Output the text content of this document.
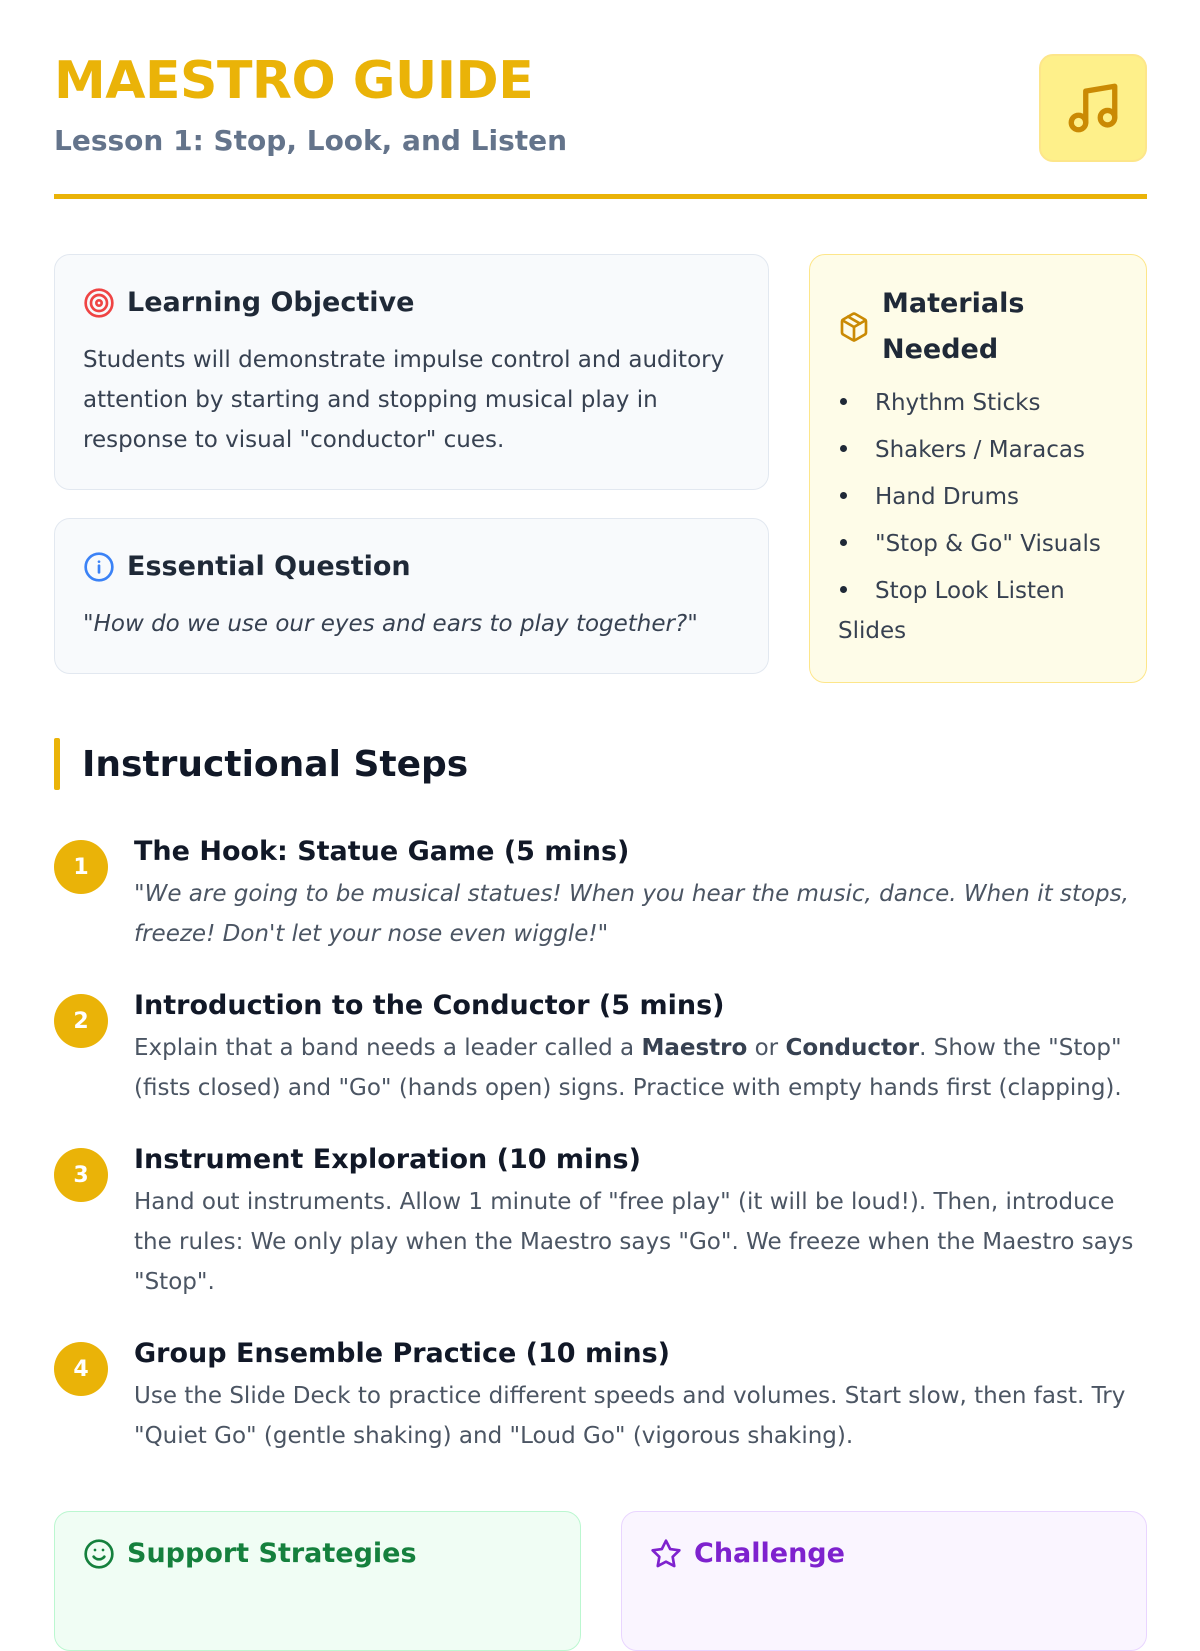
MAESTRO GUIDE
Lesson 1: Stop, Look, and Listen
Learning Objective
Students will demonstrate impulse control and auditory attention by starting and stopping musical play in response to visual "conductor" cues.
Essential Question
"How do we use our eyes and ears to play together?"
Materials Needed
Rhythm Sticks
Shakers / Maracas
Hand Drums
"Stop & Go" Visuals
Stop Look Listen Slides
Instructional Steps
1	The Hook: Statue Game (5 mins)
"We are going to be musical statues! When you hear the music, dance. When it stops, freeze! Don't let your nose even wiggle!"
2	Introduction to the Conductor (5 mins)
Explain that a band needs a leader called a Maestro or Conductor. Show the "Stop" (fists closed) and "Go" (hands open) signs. Practice with empty hands first (clapping).
3	Instrument Exploration (10 mins)
Hand out instruments. Allow 1 minute of "free play" (it will be loud!). Then, introduce the rules: We only play when the Maestro says "Go". We freeze when the Maestro says "Stop".
4	Group Ensemble Practice (10 mins)
Use the Slide Deck to practice different speeds and volumes. Start slow, then fast. Try "Quiet Go" (gentle shaking) and "Loud Go" (vigorous shaking).
Support Strategies	Challenge
